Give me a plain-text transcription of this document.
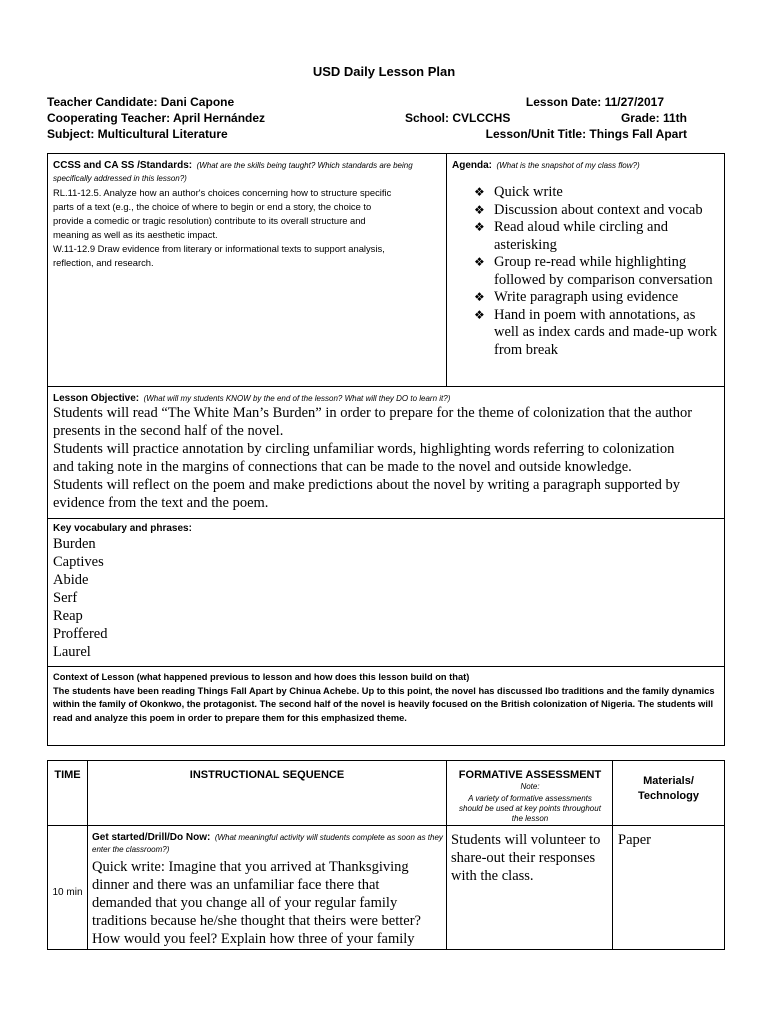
USD Daily Lesson Plan
Teacher Candidate: Dani Capone
Cooperating Teacher: April Hernández
Subject: Multicultural Literature
School: CVLCCHS
Lesson Date: 11/27/2017
Grade: 11th
Lesson/Unit Title: Things Fall Apart
CCSS and CA SS /Standards: (What are the skills being taught? Which standards are being specifically addressed in this lesson?)
RL.11-12.5. Analyze how an author's choices concerning how to structure specific
parts of a text (e.g., the choice of where to begin or end a story, the choice to
provide a comedic or tragic resolution) contribute to its overall structure and
meaning as well as its aesthetic impact.
W.11-12.9 Draw evidence from literary or informational texts to support analysis,
reflection, and research.
Agenda: (What is the snapshot of my class flow?)
❖ Quick write
❖ Discussion about context and vocab
❖ Read aloud while circling and asterisking
❖ Group re-read while highlighting followed by comparison conversation
❖ Write paragraph using evidence
❖ Hand in poem with annotations, as well as index cards and made-up work from break
Lesson Objective: (What will my students KNOW by the end of the lesson? What will they DO to learn it?)
Students will read “The White Man’s Burden” in order to prepare for the theme of colonization that the author
presents in the second half of the novel.
Students will practice annotation by circling unfamiliar words, highlighting words referring to colonization
and taking note in the margins of connections that can be made to the novel and outside knowledge.
Students will reflect on the poem and make predictions about the novel by writing a paragraph supported by
evidence from the text and the poem.
Key vocabulary and phrases:
Burden
Captives
Abide
Serf
Reap
Proffered
Laurel
Context of Lesson (what happened previous to lesson and how does this lesson build on that)
The students have been reading Things Fall Apart by Chinua Achebe. Up to this point, the novel has discussed Ibo traditions and the family dynamics
within the family of Okonkwo, the protagonist. The second half of the novel is heavily focused on the British colonization of Nigeria. The students will
read and analyze this poem in order to prepare them for this emphasized theme.
TIME	INSTRUCTIONAL SEQUENCE	FORMATIVE ASSESSMENT Note:
A variety of formative assessments should be used at key points throughout the lesson
Materials/
Technology
10 min
Get started/Drill/Do Now: (What meaningful activity will students complete as soon as they enter the classroom?)
Quick write: Imagine that you arrived at Thanksgiving
dinner and there was an unfamiliar face there that
demanded that you change all of your regular family
traditions because he/she thought that theirs were better?
How would you feel? Explain how three of your family
Students will volunteer to
share-out their responses
with the class.
Paper
